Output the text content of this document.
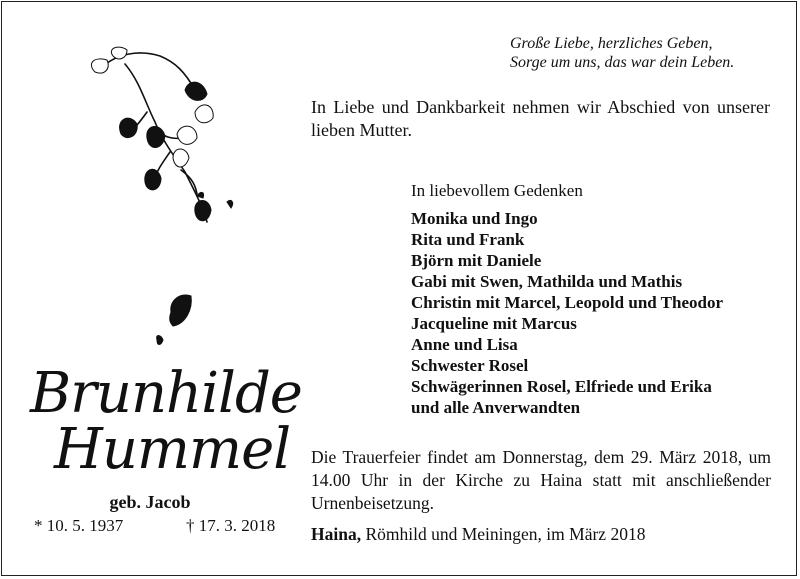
Große Liebe, herzliches Geben,
Sorge um uns, das war dein Leben.
In Liebe und Dankbarkeit nehmen wir Abschied von unserer lieben Mutter.
In liebevollem Gedenken
Monika und Ingo
Rita und Frank
Björn mit Daniele
Gabi mit Swen, Mathilda und Mathis
Christin mit Marcel, Leopold und Theodor
Jacqueline mit Marcus
Anne und Lisa
Schwester Rosel
Schwägerinnen Rosel, Elfriede und Erika
und alle Anverwandten
Die Trauerfeier findet am Donnerstag, dem 29. März 2018, um 14.00 Uhr in der Kirche zu Haina statt mit anschließender Urnenbeisetzung.
Haina, Römhild und Meiningen, im März 2018
Brunhilde
Hummel
geb. Jacob
* 10. 5. 1937	† 17. 3. 2018
